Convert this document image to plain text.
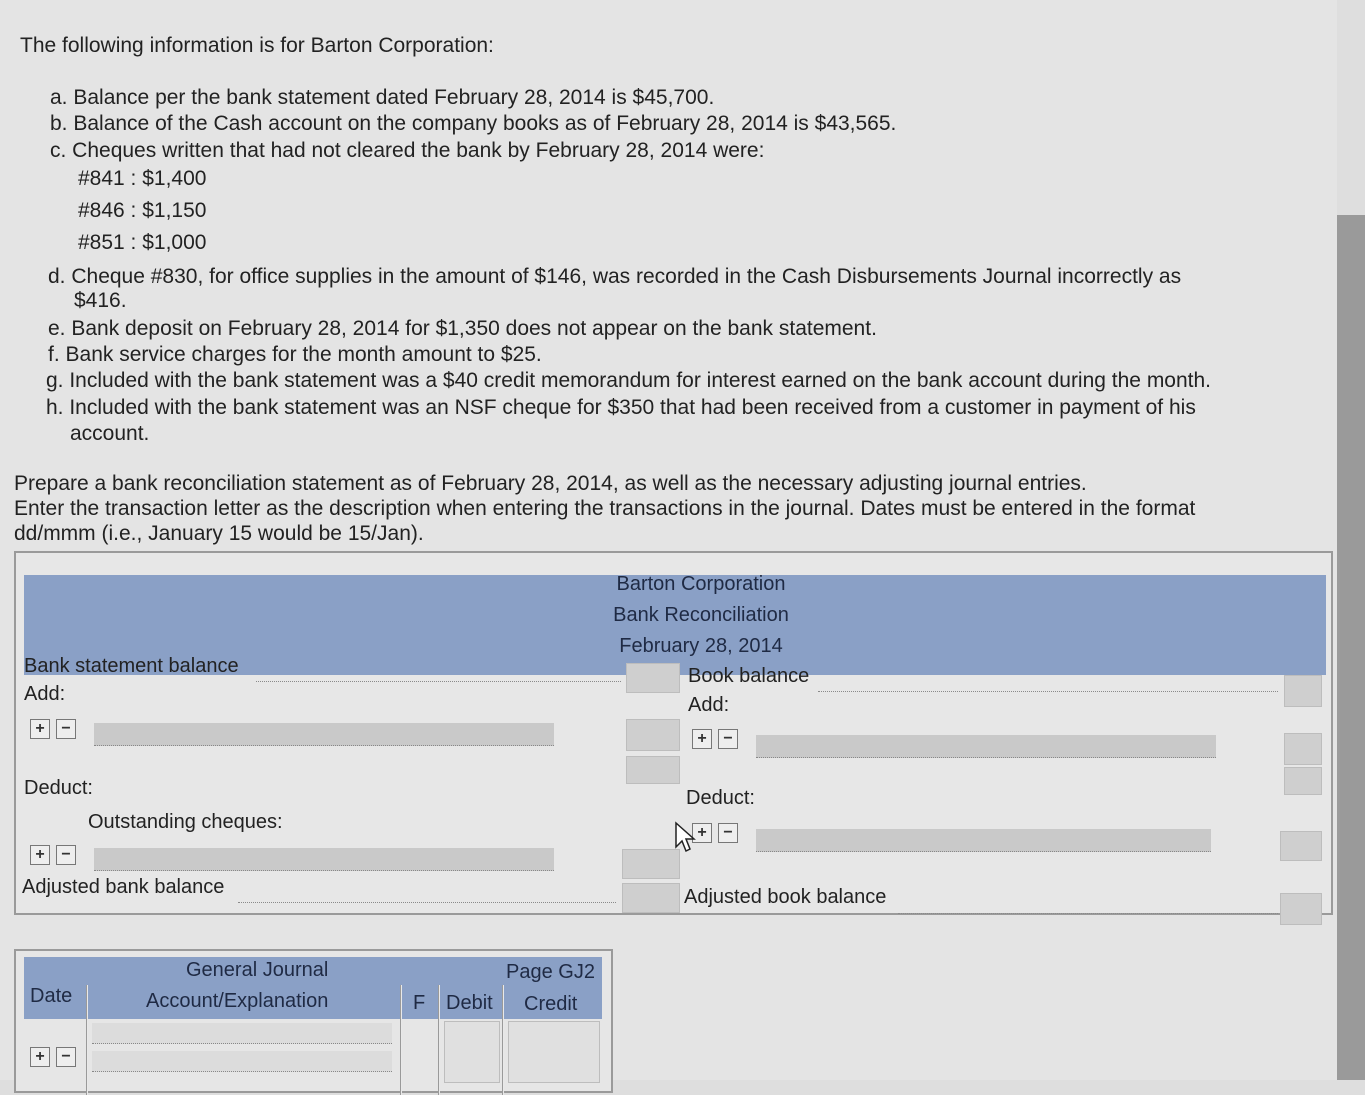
The following information is for Barton Corporation:
a. Balance per the bank statement dated February 28, 2014 is $45,700.
b. Balance of the Cash account on the company books as of February 28, 2014 is $43,565.
c. Cheques written that had not cleared the bank by February 28, 2014 were:
#841 : $1,400
#846 : $1,150
#851 : $1,000
d. Cheque #830, for office supplies in the amount of $146, was recorded in the Cash Disbursements Journal incorrectly as
$416.
e. Bank deposit on February 28, 2014 for $1,350 does not appear on the bank statement.
f. Bank service charges for the month amount to $25.
g. Included with the bank statement was a $40 credit memorandum for interest earned on the bank account during the month.
h. Included with the bank statement was an NSF cheque for $350 that had been received from a customer in payment of his
account.
Prepare a bank reconciliation statement as of February 28, 2014, as well as the necessary adjusting journal entries.
Enter the transaction letter as the description when entering the transactions in the journal. Dates must be entered in the format
dd/mmm (i.e., January 15 would be 15/Jan).
Barton Corporation
Bank Reconciliation
February 28, 2014
Bank statement balance
Add:
+	−
Deduct:
Outstanding cheques:
+	−
Adjusted bank balance
Book balance
Add:
+	−
Deduct:
+	−
Adjusted book balance
General Journal	Page GJ2
Date	Account/Explanation	F Debit Credit
+	−
